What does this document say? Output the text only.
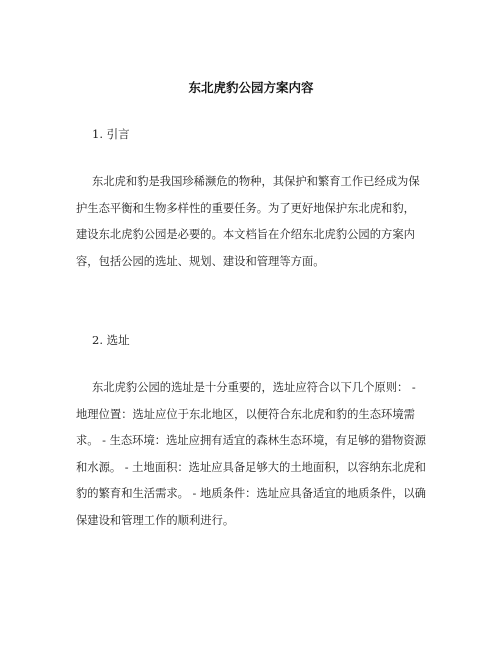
东北虎豹公园方案内容
1. 引言
东北虎和豹是我国珍稀濒危的物种，其保护和繁育工作已经成为保
护生态平衡和生物多样性的重要任务。为了更好地保护东北虎和豹，
建设东北虎豹公园是必要的。本文档旨在介绍东北虎豹公园的方案内
容，包括公园的选址、规划、建设和管理等方面。
2. 选址
东北虎豹公园的选址是十分重要的，选址应符合以下几个原则： -
地理位置：选址应位于东北地区，以便符合东北虎和豹的生态环境需
求。 - 生态环境：选址应拥有适宜的森林生态环境，有足够的猎物资源
和水源。 - 土地面积：选址应具备足够大的土地面积，以容纳东北虎和
豹的繁育和生活需求。 - 地质条件：选址应具备适宜的地质条件，以确
保建设和管理工作的顺利进行。
